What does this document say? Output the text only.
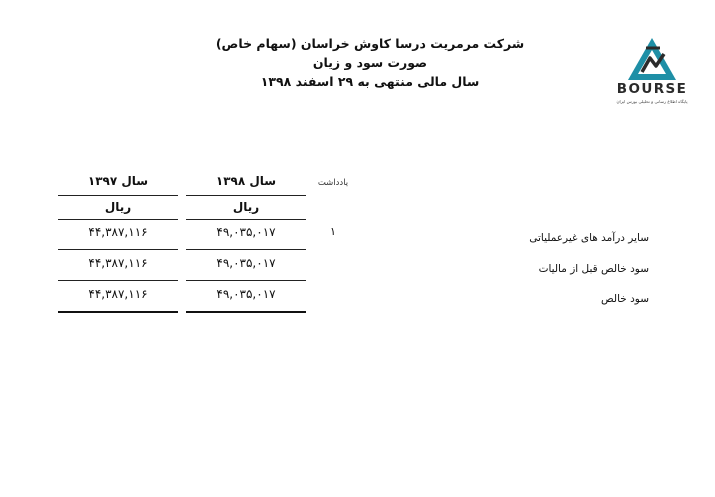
شرکت مرمریت درسا کاوش خراسان (سهام خاص)

صورت سود و زیان

سال مالی منتهی به ۲۹ اسفند ۱۳۹۸	BOURSE
پایگاه اطلاع رسانی و تحلیلی بورس ایران
یادداشت
سال ۱۳۹۸
سال ۱۳۹۷
ریال
ریال
سایر درآمد های غیرعملیاتی
۱
۴۹,۰۳۵,۰۱۷
۴۴,۳۸۷,۱۱۶
سود خالص قبل از مالیات
۴۹,۰۳۵,۰۱۷
۴۴,۳۸۷,۱۱۶
سود خالص
۴۹,۰۳۵,۰۱۷
۴۴,۳۸۷,۱۱۶
